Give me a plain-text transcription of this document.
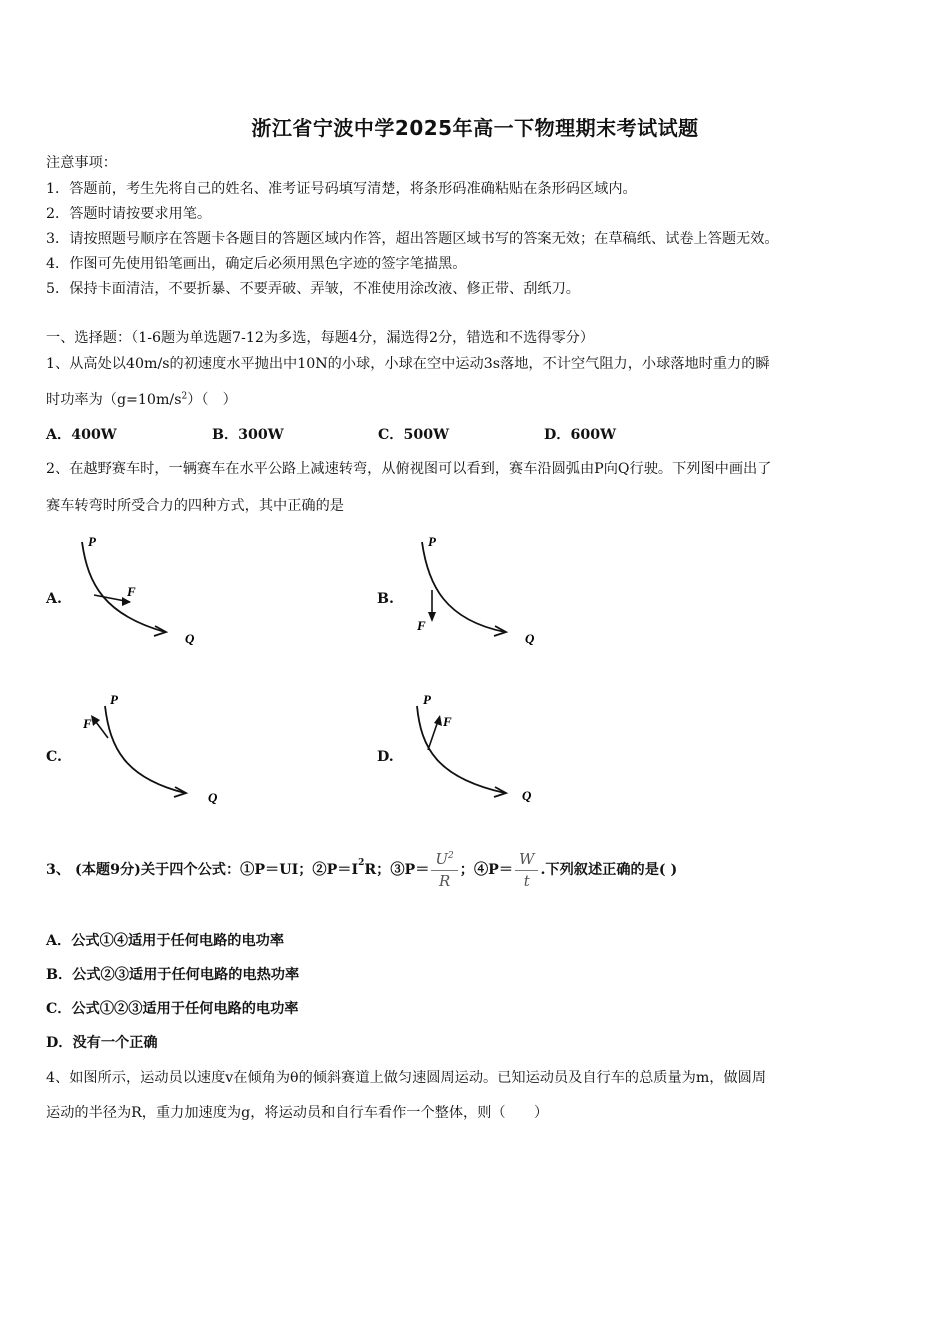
浙江省宁波中学2025年高一下物理期末考试试题
注意事项：
1．答题前，考生先将自己的姓名、准考证号码填写清楚，将条形码准确粘贴在条形码区域内。
2．答题时请按要求用笔。
3．请按照题号顺序在答题卡各题目的答题区域内作答，超出答题区域书写的答案无效；在草稿纸、试卷上答题无效。
4．作图可先使用铅笔画出，确定后必须用黑色字迹的签字笔描黑。
5．保持卡面清洁，不要折暴、不要弄破、弄皱，不准使用涂改液、修正带、刮纸刀。
一、选择题：（1-6题为单选题7-12为多选，每题4分，漏选得2分，错选和不选得零分）
1、从高处以40m/s的初速度水平抛出中10N的小球，小球在空中运动3s落地，不计空气阻力，小球落地时重力的瞬
时功率为$(g=10m/s^2)$（　）
A．400W	B．300W	C．500W	D．600W
2、在越野赛车时，一辆赛车在水平公路上减速转弯，从俯视图可以看到，赛车沿圆弧由P向Q行驶。下列图中画出了
赛车转弯时所受合力的四种方式，其中正确的是
A.
P
Q
F	B.
P
Q
F
C.
P
Q
F
D.
P
Q
F
3、 (本题9分)关于四个公式：①P＝UI；$②P=I^2R$；③P＝ $\frac{U^2}{R}$ ；④P＝ $\frac{W}{t}$ .下列叙述正确的是( )
A．公式①④适用于任何电路的电功率
B．公式②③适用于任何电路的电热功率
C．公式①②③适用于任何电路的电功率
D．没有一个正确
4、如图所示，运动员以速度v在倾角为θ的倾斜赛道上做匀速圆周运动。已知运动员及自行车的总质量为m，做圆周
运动的半径为R，重力加速度为g，将运动员和自行车看作一个整体，则（　　）
